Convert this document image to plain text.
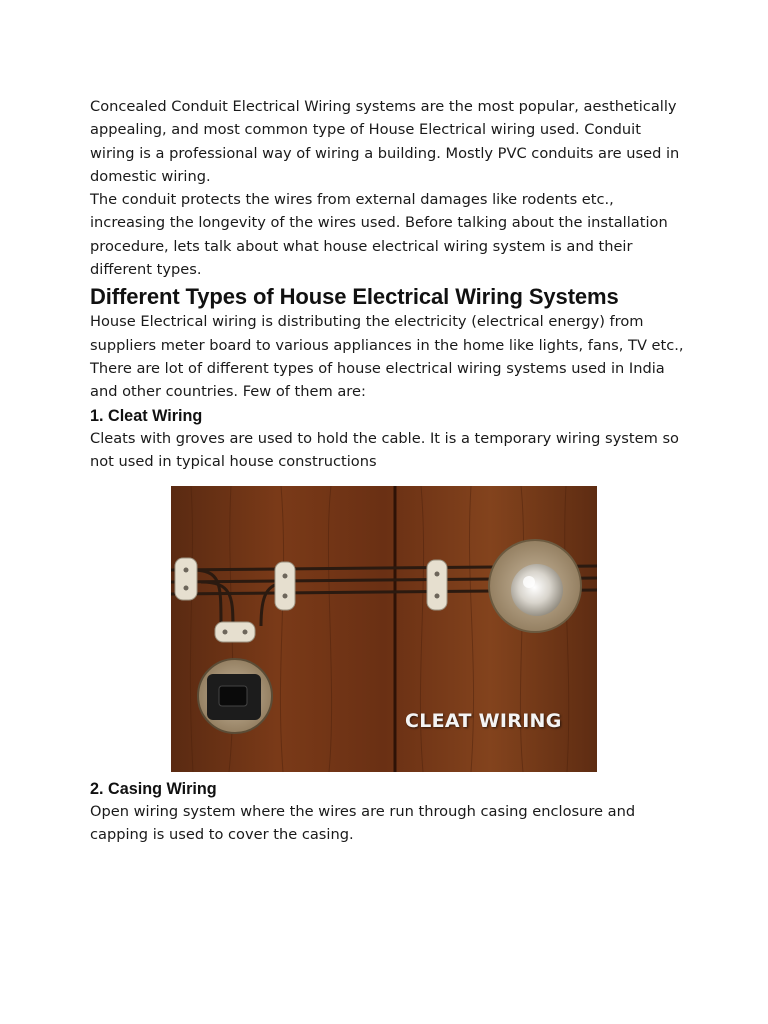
Concealed Conduit Electrical Wiring systems are the most popular, aesthetically appealing, and most common type of House Electrical wiring used. Conduit wiring is a professional way of wiring a building. Mostly PVC conduits are used in domestic wiring.

The conduit protects the wires from external damages like rodents etc., increasing the longevity of the wires used. Before talking about the installation procedure, lets talk about what house electrical wiring system is and their different types.

Different Types of House Electrical Wiring Systems

House Electrical wiring is distributing the electricity (electrical energy) from suppliers meter board to various appliances in the home like lights, fans, TV etc., There are lot of different types of house electrical wiring systems used in India and other countries. Few of them are:

1. Cleat Wiring

Cleats with groves are used to hold the cable. It is a temporary wiring system so not used in typical house constructions

CLEAT WIRING
2. Casing Wiring

Open wiring system where the wires are run through casing enclosure and capping is used to cover the casing.
